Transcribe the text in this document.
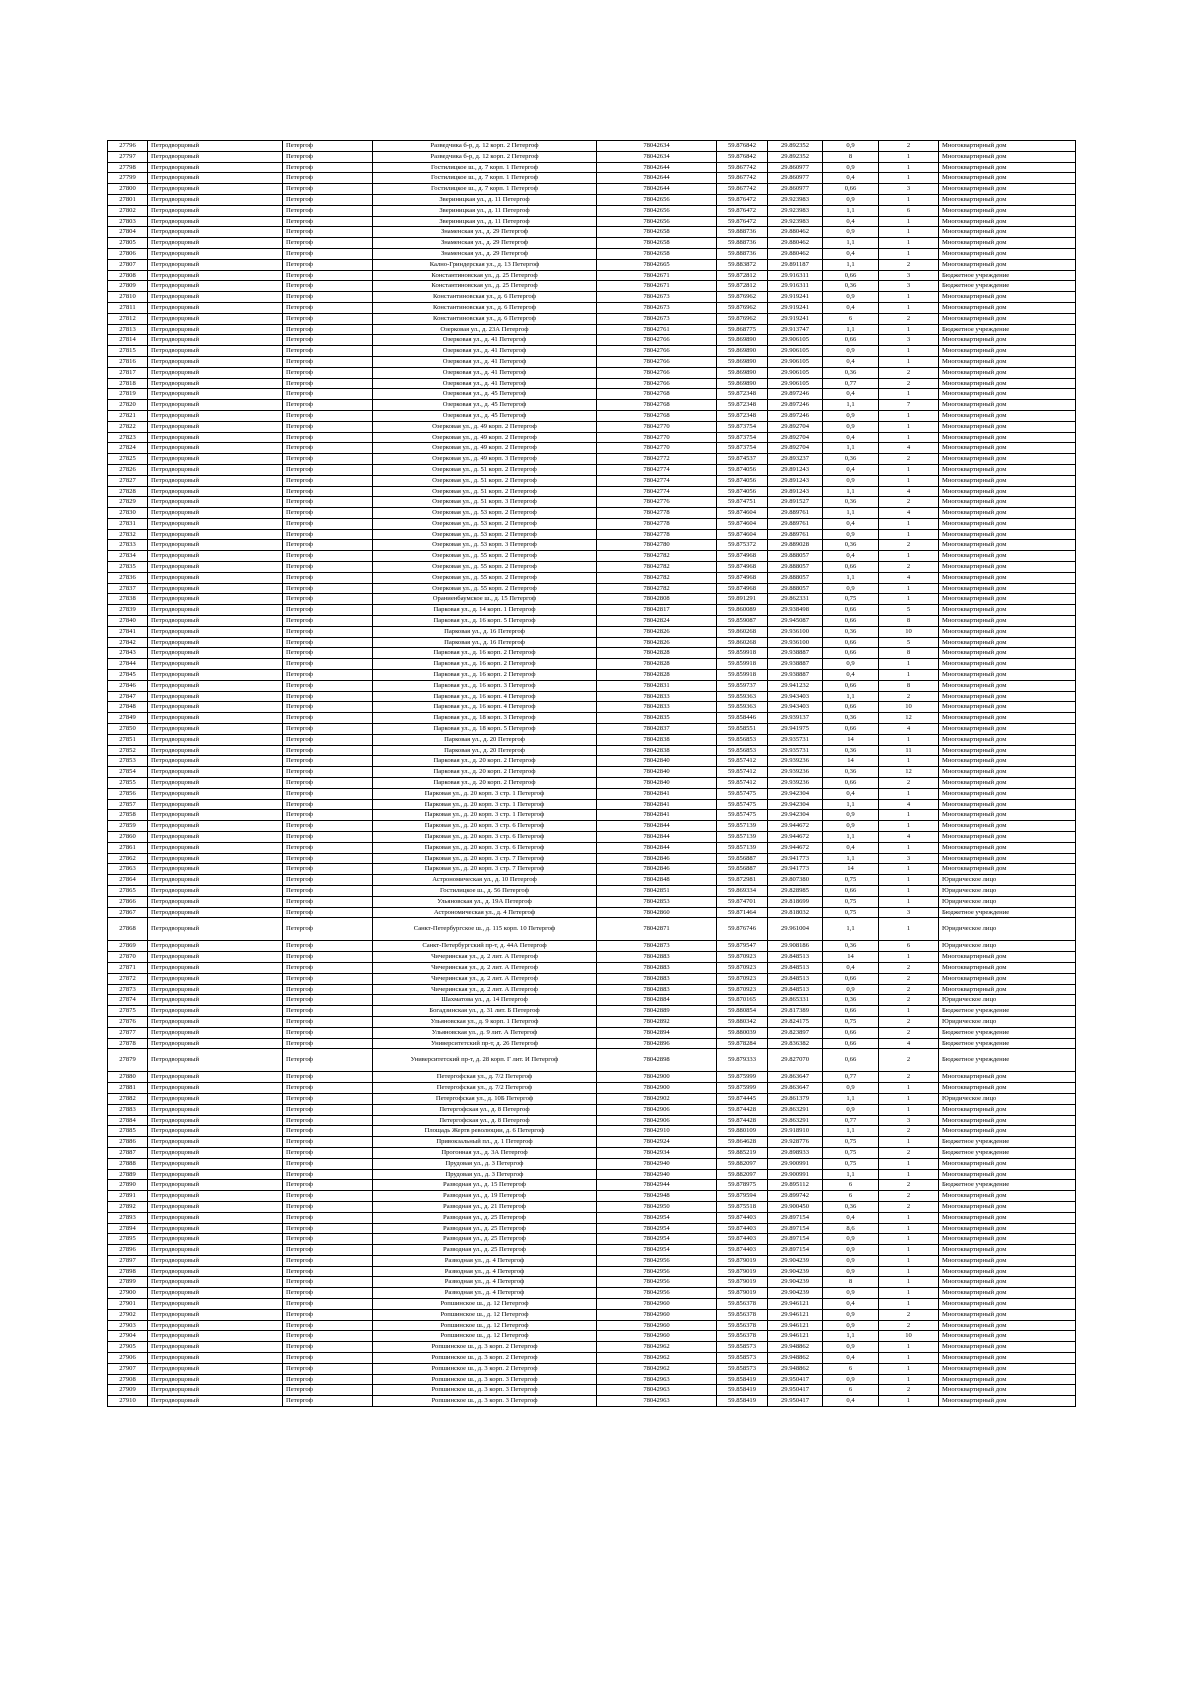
27796	Петродворцовый	Петергоф	Разведчика б-р, д. 12 корп. 2 Петергоф	78042634	59.876842	29.892352	0,9	2	Многоквартирный дом
27797	Петродворцовый	Петергоф	Разведчика б-р, д. 12 корп. 2 Петергоф	78042634	59.876842	29.892352	8	1	Многоквартирный дом
27798	Петродворцовый	Петергоф	Гостилицкое ш., д. 7 корп. 1 Петергоф	78042644	59.867742	29.860977	0,9	1	Многоквартирный дом
27799	Петродворцовый	Петергоф	Гостилицкое ш., д. 7 корп. 1 Петергоф	78042644	59.867742	29.860977	0,4	1	Многоквартирный дом
27800	Петродворцовый	Петергоф	Гостилицкое ш., д. 7 корп. 1 Петергоф	78042644	59.867742	29.860977	0,66	3	Многоквартирный дом
27801	Петродворцовый	Петергоф	Звериницкая ул., д. 11 Петергоф	78042656	59.876472	29.923983	0,9	1	Многоквартирный дом
27802	Петродворцовый	Петергоф	Звериницкая ул., д. 11 Петергоф	78042656	59.876472	29.923983	1,1	6	Многоквартирный дом
27803	Петродворцовый	Петергоф	Звериницкая ул., д. 11 Петергоф	78042656	59.876472	29.923983	0,4	1	Многоквартирный дом
27804	Петродворцовый	Петергоф	Знаменская ул., д. 29 Петергоф	78042658	59.888736	29.880462	0,9	1	Многоквартирный дом
27805	Петродворцовый	Петергоф	Знаменская ул., д. 29 Петергоф	78042658	59.888736	29.880462	1,1	1	Многоквартирный дом
27806	Петродворцовый	Петергоф	Знаменская ул., д. 29 Петергоф	78042658	59.888736	29.880462	0,4	1	Многоквартирный дом
27807	Петродворцовый	Петергоф	Кално-Гриндерская ул., д. 13 Петергоф	78042665	59.883872	29.891187	1,1	2	Многоквартирный дом
27808	Петродворцовый	Петергоф	Константиновская ул., д. 25 Петергоф	78042671	59.872812	29.916311	0,66	3	Бюджетное учреждение
27809	Петродворцовый	Петергоф	Константиновская ул., д. 25 Петергоф	78042671	59.872812	29.916311	0,36	3	Бюджетное учреждение
27810	Петродворцовый	Петергоф	Константиновская ул., д. 6 Петергоф	78042673	59.876962	29.919241	0,9	1	Многоквартирный дом
27811	Петродворцовый	Петергоф	Константиновская ул., д. 6 Петергоф	78042673	59.876962	29.919241	0,4	1	Многоквартирный дом
27812	Петродворцовый	Петергоф	Константиновская ул., д. 6 Петергоф	78042673	59.876962	29.919241	6	2	Многоквартирный дом
27813	Петродворцовый	Петергоф	Озерковая ул., д. 23А Петергоф	78042761	59.868775	29.913747	1,1	1	Бюджетное учреждение
27814	Петродворцовый	Петергоф	Озерковая ул., д. 41 Петергоф	78042766	59.869890	29.906105	0,66	3	Многоквартирный дом
27815	Петродворцовый	Петергоф	Озерковая ул., д. 41 Петергоф	78042766	59.869890	29.906105	0,9	1	Многоквартирный дом
27816	Петродворцовый	Петергоф	Озерковая ул., д. 41 Петергоф	78042766	59.869890	29.906105	0,4	1	Многоквартирный дом
27817	Петродворцовый	Петергоф	Озерковая ул., д. 41 Петергоф	78042766	59.869890	29.906105	0,36	2	Многоквартирный дом
27818	Петродворцовый	Петергоф	Озерковая ул., д. 41 Петергоф	78042766	59.869890	29.906105	0,77	2	Многоквартирный дом
27819	Петродворцовый	Петергоф	Озерковая ул., д. 45 Петергоф	78042768	59.872348	29.897246	0,4	1	Многоквартирный дом
27820	Петродворцовый	Петергоф	Озерковая ул., д. 45 Петергоф	78042768	59.872348	29.897246	1,1	7	Многоквартирный дом
27821	Петродворцовый	Петергоф	Озерковая ул., д. 45 Петергоф	78042768	59.872348	29.897246	0,9	1	Многоквартирный дом
27822	Петродворцовый	Петергоф	Озерковая ул., д. 49 корп. 2 Петергоф	78042770	59.873754	29.892704	0,9	1	Многоквартирный дом
27823	Петродворцовый	Петергоф	Озерковая ул., д. 49 корп. 2 Петергоф	78042770	59.873754	29.892704	0,4	1	Многоквартирный дом
27824	Петродворцовый	Петергоф	Озерковая ул., д. 49 корп. 2 Петергоф	78042770	59.873754	29.892704	1,1	4	Многоквартирный дом
27825	Петродворцовый	Петергоф	Озерковая ул., д. 49 корп. 3 Петергоф	78042772	59.874537	29.893237	0,36	2	Многоквартирный дом
27826	Петродворцовый	Петергоф	Озерковая ул., д. 51 корп. 2 Петергоф	78042774	59.874056	29.891243	0,4	1	Многоквартирный дом
27827	Петродворцовый	Петергоф	Озерковая ул., д. 51 корп. 2 Петергоф	78042774	59.874056	29.891243	0,9	1	Многоквартирный дом
27828	Петродворцовый	Петергоф	Озерковая ул., д. 51 корп. 2 Петергоф	78042774	59.874056	29.891243	1,1	4	Многоквартирный дом
27829	Петродворцовый	Петергоф	Озерковая ул., д. 51 корп. 3 Петергоф	78042776	59.874751	29.891527	0,36	2	Многоквартирный дом
27830	Петродворцовый	Петергоф	Озерковая ул., д. 53 корп. 2 Петергоф	78042778	59.874604	29.889761	1,1	4	Многоквартирный дом
27831	Петродворцовый	Петергоф	Озерковая ул., д. 53 корп. 2 Петергоф	78042778	59.874604	29.889761	0,4	1	Многоквартирный дом
27832	Петродворцовый	Петергоф	Озерковая ул., д. 53 корп. 2 Петергоф	78042778	59.874604	29.889761	0,9	1	Многоквартирный дом
27833	Петродворцовый	Петергоф	Озерковая ул., д. 53 корп. 3 Петергоф	78042780	59.875372	29.889028	0,36	2	Многоквартирный дом
27834	Петродворцовый	Петергоф	Озерковая ул., д. 55 корп. 2 Петергоф	78042782	59.874968	29.888057	0,4	1	Многоквартирный дом
27835	Петродворцовый	Петергоф	Озерковая ул., д. 55 корп. 2 Петергоф	78042782	59.874968	29.888057	0,66	2	Многоквартирный дом
27836	Петродворцовый	Петергоф	Озерковая ул., д. 55 корп. 2 Петергоф	78042782	59.874968	29.888057	1,1	4	Многоквартирный дом
27837	Петродворцовый	Петергоф	Озерковая ул., д. 55 корп. 2 Петергоф	78042782	59.874968	29.888057	0,9	1	Многоквартирный дом
27838	Петродворцовый	Петергоф	Ораниенбаумское ш., д. 15 Петергоф	78042808	59.891291	29.862331	0,75	1	Многоквартирный дом
27839	Петродворцовый	Петергоф	Парковая ул., д. 14 корп. 1 Петергоф	78042817	59.860089	29.938498	0,66	5	Многоквартирный дом
27840	Петродворцовый	Петергоф	Парковая ул., д. 16 корп. 5 Петергоф	78042824	59.859087	29.945087	0,66	8	Многоквартирный дом
27841	Петродворцовый	Петергоф	Парковая ул., д. 16 Петергоф	78042826	59.860268	29.936100	0,36	10	Многоквартирный дом
27842	Петродворцовый	Петергоф	Парковая ул., д. 16 Петергоф	78042826	59.860268	29.936100	0,66	5	Многоквартирный дом
27843	Петродворцовый	Петергоф	Парковая ул., д. 16 корп. 2 Петергоф	78042828	59.859918	29.938887	0,66	8	Многоквартирный дом
27844	Петродворцовый	Петергоф	Парковая ул., д. 16 корп. 2 Петергоф	78042828	59.859918	29.938887	0,9	1	Многоквартирный дом
27845	Петродворцовый	Петергоф	Парковая ул., д. 16 корп. 2 Петергоф	78042828	59.859918	29.938887	0,4	1	Многоквартирный дом
27846	Петродворцовый	Петергоф	Парковая ул., д. 16 корп. 3 Петергоф	78042831	59.859737	29.941232	0,66	8	Многоквартирный дом
27847	Петродворцовый	Петергоф	Парковая ул., д. 16 корп. 4 Петергоф	78042833	59.859363	29.943403	1,1	2	Многоквартирный дом
27848	Петродворцовый	Петергоф	Парковая ул., д. 16 корп. 4 Петергоф	78042833	59.859363	29.943403	0,66	10	Многоквартирный дом
27849	Петродворцовый	Петергоф	Парковая ул., д. 18 корп. 3 Петергоф	78042835	59.858446	29.939137	0,36	12	Многоквартирный дом
27850	Петродворцовый	Петергоф	Парковая ул., д. 18 корп. 5 Петергоф	78042837	59.858551	29.941975	0,66	4	Многоквартирный дом
27851	Петродворцовый	Петергоф	Парковая ул., д. 20 Петергоф	78042838	59.856853	29.935731	14	1	Многоквартирный дом
27852	Петродворцовый	Петергоф	Парковая ул., д. 20 Петергоф	78042838	59.856853	29.935731	0,36	11	Многоквартирный дом
27853	Петродворцовый	Петергоф	Парковая ул., д. 20 корп. 2 Петергоф	78042840	59.857412	29.939236	14	1	Многоквартирный дом
27854	Петродворцовый	Петергоф	Парковая ул., д. 20 корп. 2 Петергоф	78042840	59.857412	29.939236	0,36	12	Многоквартирный дом
27855	Петродворцовый	Петергоф	Парковая ул., д. 20 корп. 2 Петергоф	78042840	59.857412	29.939236	0,66	2	Многоквартирный дом
27856	Петродворцовый	Петергоф	Парковая ул., д. 20 корп. 3 стр. 1 Петергоф	78042841	59.857475	29.942304	0,4	1	Многоквартирный дом
27857	Петродворцовый	Петергоф	Парковая ул., д. 20 корп. 3 стр. 1 Петергоф	78042841	59.857475	29.942304	1,1	4	Многоквартирный дом
27858	Петродворцовый	Петергоф	Парковая ул., д. 20 корп. 3 стр. 1 Петергоф	78042841	59.857475	29.942304	0,9	1	Многоквартирный дом
27859	Петродворцовый	Петергоф	Парковая ул., д. 20 корп. 3 стр. 6 Петергоф	78042844	59.857139	29.944672	0,9	1	Многоквартирный дом
27860	Петродворцовый	Петергоф	Парковая ул., д. 20 корп. 3 стр. 6 Петергоф	78042844	59.857139	29.944672	1,1	4	Многоквартирный дом
27861	Петродворцовый	Петергоф	Парковая ул., д. 20 корп. 3 стр. 6 Петергоф	78042844	59.857139	29.944672	0,4	1	Многоквартирный дом
27862	Петродворцовый	Петергоф	Парковая ул., д. 20 корп. 3 стр. 7 Петергоф	78042846	59.856887	29.941773	1,1	3	Многоквартирный дом
27863	Петродворцовый	Петергоф	Парковая ул., д. 20 корп. 3 стр. 7 Петергоф	78042846	59.856887	29.941773	14	1	Многоквартирный дом
27864	Петродворцовый	Петергоф	Астрономическая ул., д. 10 Петергоф	78042848	59.872981	29.807380	0,75	1	Юридическое лицо
27865	Петродворцовый	Петергоф	Гостилицкое ш., д. 56 Петергоф	78042851	59.869334	29.828985	0,66	1	Юридическое лицо
27866	Петродворцовый	Петергоф	Ульяновская ул., д. 19А Петергоф	78042853	59.874701	29.818699	0,75	1	Юридическое лицо
27867	Петродворцовый	Петергоф	Астрономическая ул., д. 4 Петергоф	78042860	59.871464	29.818032	0,75	3	Бюджетное учреждение
27868	Петродворцовый	Петергоф	Санкт-Петербургское ш., д. 115 корп. 10 Петергоф	78042871	59.876746	29.961004	1,1	1	Юридическое лицо
27869	Петродворцовый	Петергоф	Санкт-Петербургский пр-т, д. 44А Петергоф	78042873	59.879547	29.908186	0,36	6	Юридическое лицо
27870	Петродворцовый	Петергоф	Чичеринская ул., д. 2 лит. А Петергоф	78042883	59.870923	29.848513	14	1	Многоквартирный дом
27871	Петродворцовый	Петергоф	Чичеринская ул., д. 2 лит. А Петергоф	78042883	59.870923	29.848513	0,4	2	Многоквартирный дом
27872	Петродворцовый	Петергоф	Чичеринская ул., д. 2 лит. А Петергоф	78042883	59.870923	29.848513	0,66	2	Многоквартирный дом
27873	Петродворцовый	Петергоф	Чичеринская ул., д. 2 лит. А Петергоф	78042883	59.870923	29.848513	0,9	2	Многоквартирный дом
27874	Петродворцовый	Петергоф	Шахматова ул., д. 14 Петергоф	78042884	59.870165	29.865331	0,36	2	Юридическое лицо
27875	Петродворцовый	Петергоф	Богадзинская ул., д. 31 лит. Б Петергоф	78042889	59.880854	29.817389	0,66	1	Бюджетное учреждение
27876	Петродворцовый	Петергоф	Ульяновская ул., д. 9 корп. 1 Петергоф	78042892	59.880342	29.824175	0,75	2	Юридическое лицо
27877	Петродворцовый	Петергоф	Ульяновская ул., д. 9 лит. А Петергоф	78042894	59.880039	29.823897	0,66	2	Бюджетное учреждение
27878	Петродворцовый	Петергоф	Университетский пр-т, д. 26 Петергоф	78042896	59.878284	29.836382	0,66	4	Бюджетное учреждение
27879	Петродворцовый	Петергоф	Университетский пр-т, д. 28 корп. Г лит. И Петергоф	78042898	59.879333	29.827070	0,66	2	Бюджетное учреждение
27880	Петродворцовый	Петергоф	Петергофская ул., д. 7/2 Петергоф	78042900	59.875999	29.863647	0,77	2	Многоквартирный дом
27881	Петродворцовый	Петергоф	Петергофская ул., д. 7/2 Петергоф	78042900	59.875999	29.863647	0,9	1	Многоквартирный дом
27882	Петродворцовый	Петергоф	Петергофская ул., д. 10Б Петергоф	78042902	59.874445	29.861379	1,1	1	Юридическое лицо
27883	Петродворцовый	Петергоф	Петергофская ул., д. 8 Петергоф	78042906	59.874428	29.863291	0,9	1	Многоквартирный дом
27884	Петродворцовый	Петергоф	Петергофская ул., д. 8 Петергоф	78042906	59.874428	29.863291	0,77	3	Многоквартирный дом
27885	Петродворцовый	Петергоф	Площадь Жертв революции, д. 6 Петергоф	78042910	59.880109	29.918910	1,1	2	Многоквартирный дом
27886	Петродворцовый	Петергоф	Привокзальный пл., д. 1 Петергоф	78042924	59.864628	29.928776	0,75	1	Бюджетное учреждение
27887	Петродворцовый	Петергоф	Прогонная ул., д. 3А Петергоф	78042934	59.885219	29.898933	0,75	2	Бюджетное учреждение
27888	Петродворцовый	Петергоф	Прудовая ул., д. 3 Петергоф	78042940	59.882097	29.900991	0,75	1	Многоквартирный дом
27889	Петродворцовый	Петергоф	Прудовая ул., д. 3 Петергоф	78042940	59.882097	29.900991	1,1	1	Многоквартирный дом
27890	Петродворцовый	Петергоф	Разводная ул., д. 15 Петергоф	78042944	59.878975	29.895112	6	2	Бюджетное учреждение
27891	Петродворцовый	Петергоф	Разводная ул., д. 19 Петергоф	78042948	59.879594	29.899742	6	2	Многоквартирный дом
27892	Петродворцовый	Петергоф	Разводная ул., д. 21 Петергоф	78042950	59.875518	29.900450	0,36	2	Многоквартирный дом
27893	Петродворцовый	Петергоф	Разводная ул., д. 25 Петергоф	78042954	59.874403	29.897154	0,4	1	Многоквартирный дом
27894	Петродворцовый	Петергоф	Разводная ул., д. 25 Петергоф	78042954	59.874403	29.897154	8,6	1	Многоквартирный дом
27895	Петродворцовый	Петергоф	Разводная ул., д. 25 Петергоф	78042954	59.874403	29.897154	0,9	1	Многоквартирный дом
27896	Петродворцовый	Петергоф	Разводная ул., д. 25 Петергоф	78042954	59.874403	29.897154	0,9	1	Многоквартирный дом
27897	Петродворцовый	Петергоф	Разводная ул., д. 4 Петергоф	78042956	59.879019	29.904239	0,9	1	Многоквартирный дом
27898	Петродворцовый	Петергоф	Разводная ул., д. 4 Петергоф	78042956	59.879019	29.904239	0,9	1	Многоквартирный дом
27899	Петродворцовый	Петергоф	Разводная ул., д. 4 Петергоф	78042956	59.879019	29.904239	8	1	Многоквартирный дом
27900	Петродворцовый	Петергоф	Разводная ул., д. 4 Петергоф	78042956	59.879019	29.904239	0,9	1	Многоквартирный дом
27901	Петродворцовый	Петергоф	Ропшинское ш., д. 12 Петергоф	78042960	59.856378	29.946121	0,4	1	Многоквартирный дом
27902	Петродворцовый	Петергоф	Ропшинское ш., д. 12 Петергоф	78042960	59.856378	29.946121	0,9	2	Многоквартирный дом
27903	Петродворцовый	Петергоф	Ропшинское ш., д. 12 Петергоф	78042960	59.856378	29.946121	0,9	2	Многоквартирный дом
27904	Петродворцовый	Петергоф	Ропшинское ш., д. 12 Петергоф	78042960	59.856378	29.946121	1,1	10	Многоквартирный дом
27905	Петродворцовый	Петергоф	Ропшинское ш., д. 3 корп. 2 Петергоф	78042962	59.858573	29.948862	0,9	1	Многоквартирный дом
27906	Петродворцовый	Петергоф	Ропшинское ш., д. 3 корп. 2 Петергоф	78042962	59.858573	29.948862	0,4	1	Многоквартирный дом
27907	Петродворцовый	Петергоф	Ропшинское ш., д. 3 корп. 2 Петергоф	78042962	59.858573	29.948862	6	1	Многоквартирный дом
27908	Петродворцовый	Петергоф	Ропшинское ш., д. 3 корп. 3 Петергоф	78042963	59.858419	29.950417	0,9	1	Многоквартирный дом
27909	Петродворцовый	Петергоф	Ропшинское ш., д. 3 корп. 3 Петергоф	78042963	59.858419	29.950417	6	2	Многоквартирный дом
27910	Петродворцовый	Петергоф	Ропшинское ш., д. 3 корп. 3 Петергоф	78042963	59.858419	29.950417	0,4	1	Многоквартирный дом
